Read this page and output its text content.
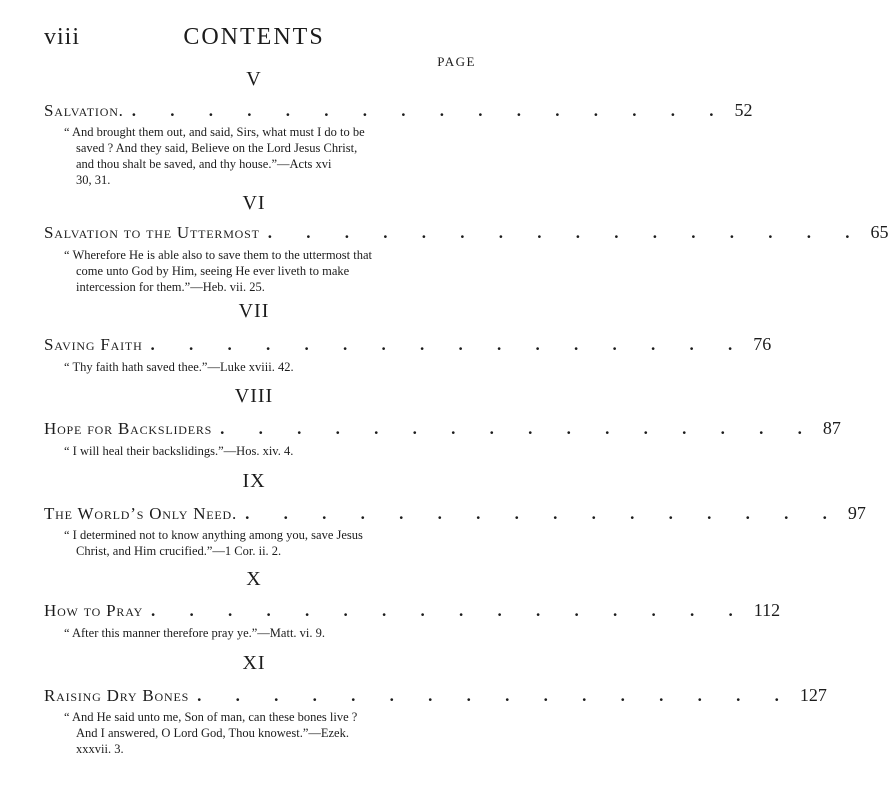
viii	CONTENTS
PAGE
V
Salvation. . . . . . . . . . . . . . . . . 52
“ And brought them out, and said, Sirs, what must I do to be
saved ? And they said, Believe on the Lord Jesus Christ,
and thou shalt be saved, and thy house.”—Acts xvi
30, 31.
VI
Salvation to the Uttermost . . . . . . . . . . . . . . . . 65
“ Wherefore He is able also to save them to the uttermost that
come unto God by Him, seeing He ever liveth to make
intercession for them.”—Heb. vii. 25.
VII
Saving Faith . . . . . . . . . . . . . . . . 76
“ Thy faith hath saved thee.”—Luke xviii. 42.
VIII
Hope for Backsliders . . . . . . . . . . . . . . . . 87
“ I will heal their backslidings.”—Hos. xiv. 4.
IX
The World’s Only Need. . . . . . . . . . . . . . . . . 97
“ I determined not to know anything among you, save Jesus
Christ, and Him crucified.”—1 Cor. ii. 2.
X
How to Pray . . . . . . . . . . . . . . . . 112
“ After this manner therefore pray ye.”—Matt. vi. 9.
XI
Raising Dry Bones . . . . . . . . . . . . . . . . 127
“ And He said unto me, Son of man, can these bones live ?
And I answered, O Lord God, Thou knowest.”—Ezek.
xxxvii. 3.
